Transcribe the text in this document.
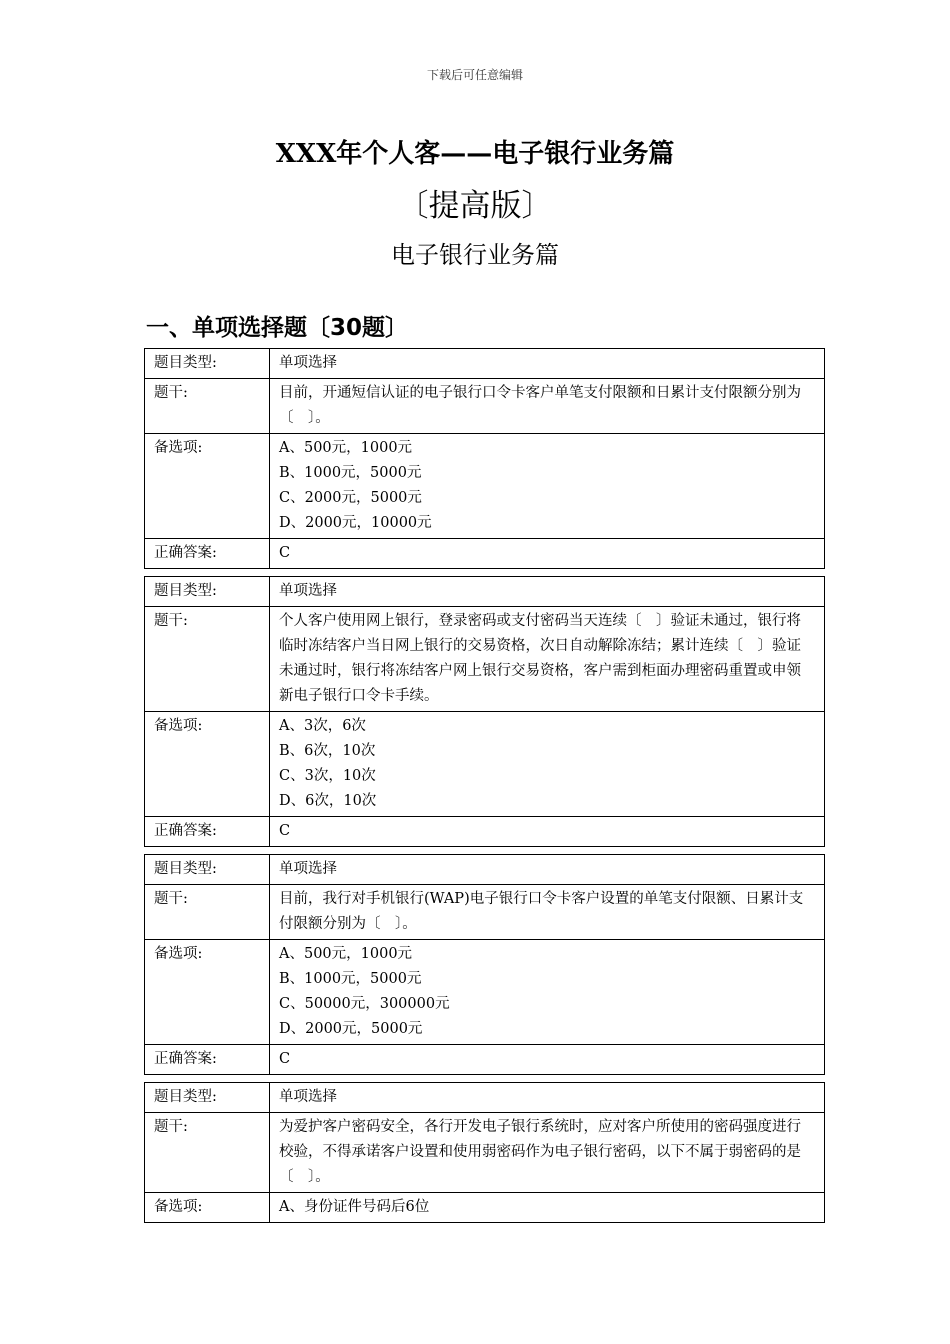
下载后可任意编辑
XXX年个人客——电子银行业务篇
〔提高版〕
电子银行业务篇
一、单项选择题〔30题〕
题目类型:	单项选择
题干:	目前，开通短信认证的电子银行口令卡客户单笔支付限额和日累计支付限额分别为〔　〕。
备选项:	A、500元，1000元
B、1000元，5000元
C、2000元，5000元
D、2000元，10000元

正确答案:	C
题目类型:	单项选择
题干:	个人客户使用网上银行，登录密码或支付密码当天连续〔　〕验证未通过，银行将临时冻结客户当日网上银行的交易资格，次日自动解除冻结；累计连续〔　〕验证未通过时，银行将冻结客户网上银行交易资格，客户需到柜面办理密码重置或申领新电子银行口令卡手续。
备选项:	A、3次，6次
B、6次，10次
C、3次，10次
D、6次，10次

正确答案:	C
题目类型:	单项选择
题干:	目前，我行对手机银行(WAP)电子银行口令卡客户设置的单笔支付限额、日累计支付限额分别为〔　〕。
备选项:	A、500元，1000元
B、1000元，5000元
C、50000元，300000元
D、2000元，5000元

正确答案:	C
题目类型:	单项选择
题干:	为爱护客户密码安全，各行开发电子银行系统时，应对客户所使用的密码强度进行校验，不得承诺客户设置和使用弱密码作为电子银行密码，以下不属于弱密码的是〔　〕。
备选项:	A、身份证件号码后6位
